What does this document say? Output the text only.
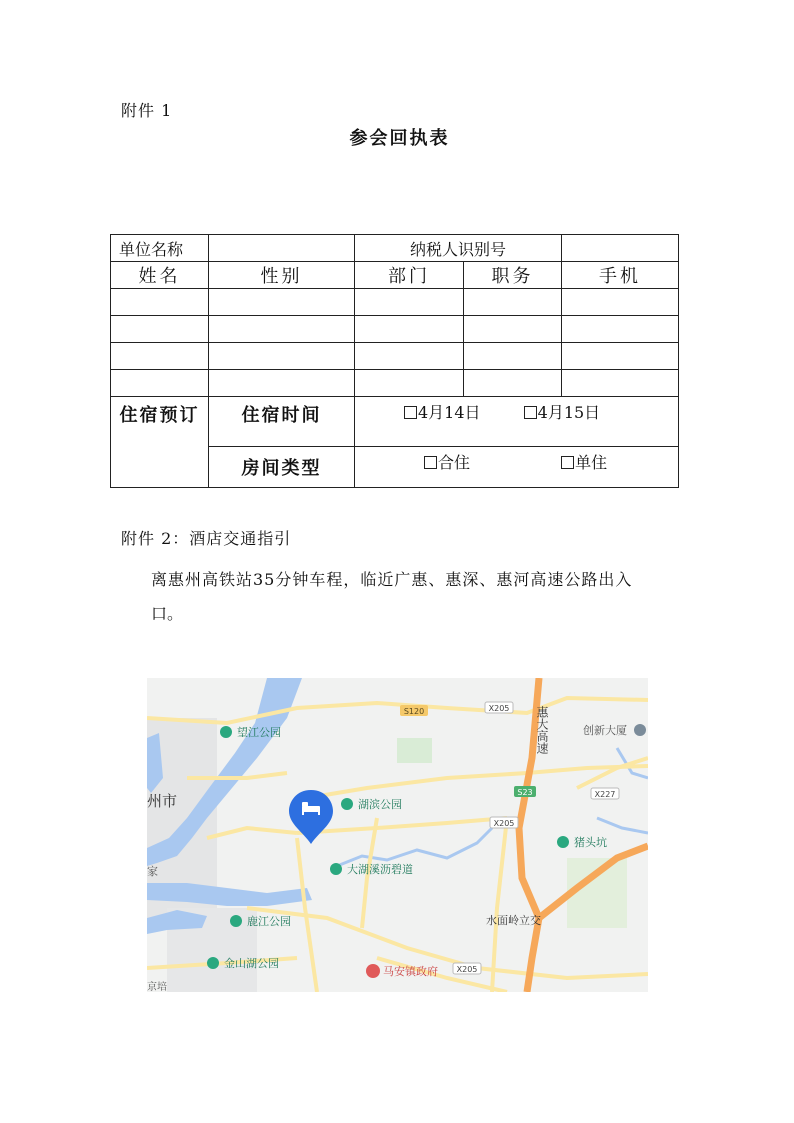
附件 1
参会回执表
单位名称		纳税人识别号		
姓名	性别	部门	职务	手机

住宿预订	住宿时间	4月14日 4月15日		
	房间类型	合住 单住		
附件 2：酒店交通指引
离惠州高铁站35分钟车程，临近广惠、惠深、惠河高速公路出入
口。
S120	X205
S23	X227
X205
X205
望江公园
州市
家
湖滨公园
大湖溪沥碧道
鹿江公园
金山湖公园
马安镇政府
水面岭立交
猪头坑
创新大厦
京培
惠大高速
